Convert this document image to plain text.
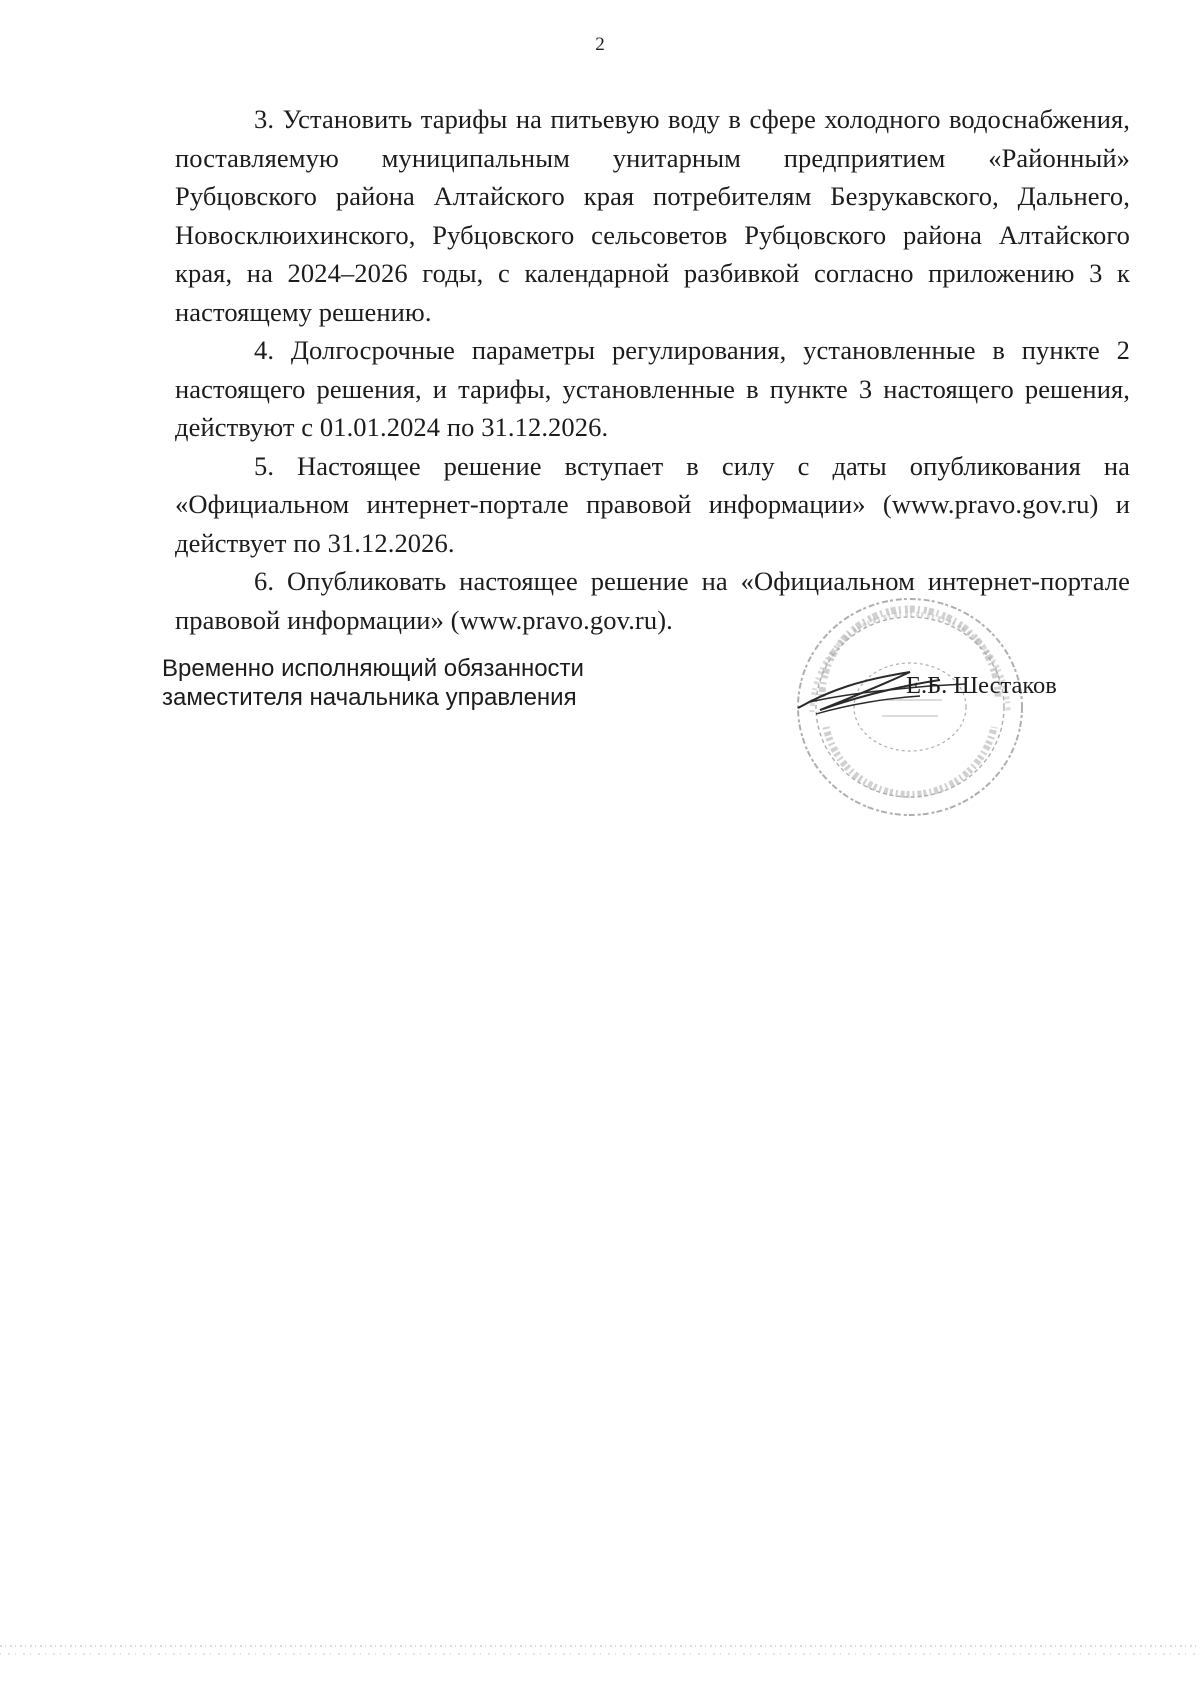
2

3. Установить тарифы на питьевую воду в сфере холодного водоснабжения, поставляемую муниципальным унитарным предприятием «Районный» Рубцовского района Алтайского края потребителям Безрукавского, Дальнего, Новосклюихинского, Рубцовского сельсоветов Рубцовского района Алтайского края, на 2024–2026 годы, с календарной разбивкой согласно приложению 3 к настоящему решению.

4. Долгосрочные параметры регулирования, установленные в пункте 2 настоящего решения, и тарифы, установленные в пункте 3 настоящего решения, действуют с 01.01.2024 по 31.12.2026.

5. Настоящее решение вступает в силу с даты опубликования на «Официальном интернет-портале правовой информации» (www.pravo.gov.ru) и действует по 31.12.2026.

6. Опубликовать настоящее решение на «Официальном интернет-портале правовой информации» (www.pravo.gov.ru).

Временно исполняющий обязанности
заместителя начальника управления	Е.Б. Шестаков
